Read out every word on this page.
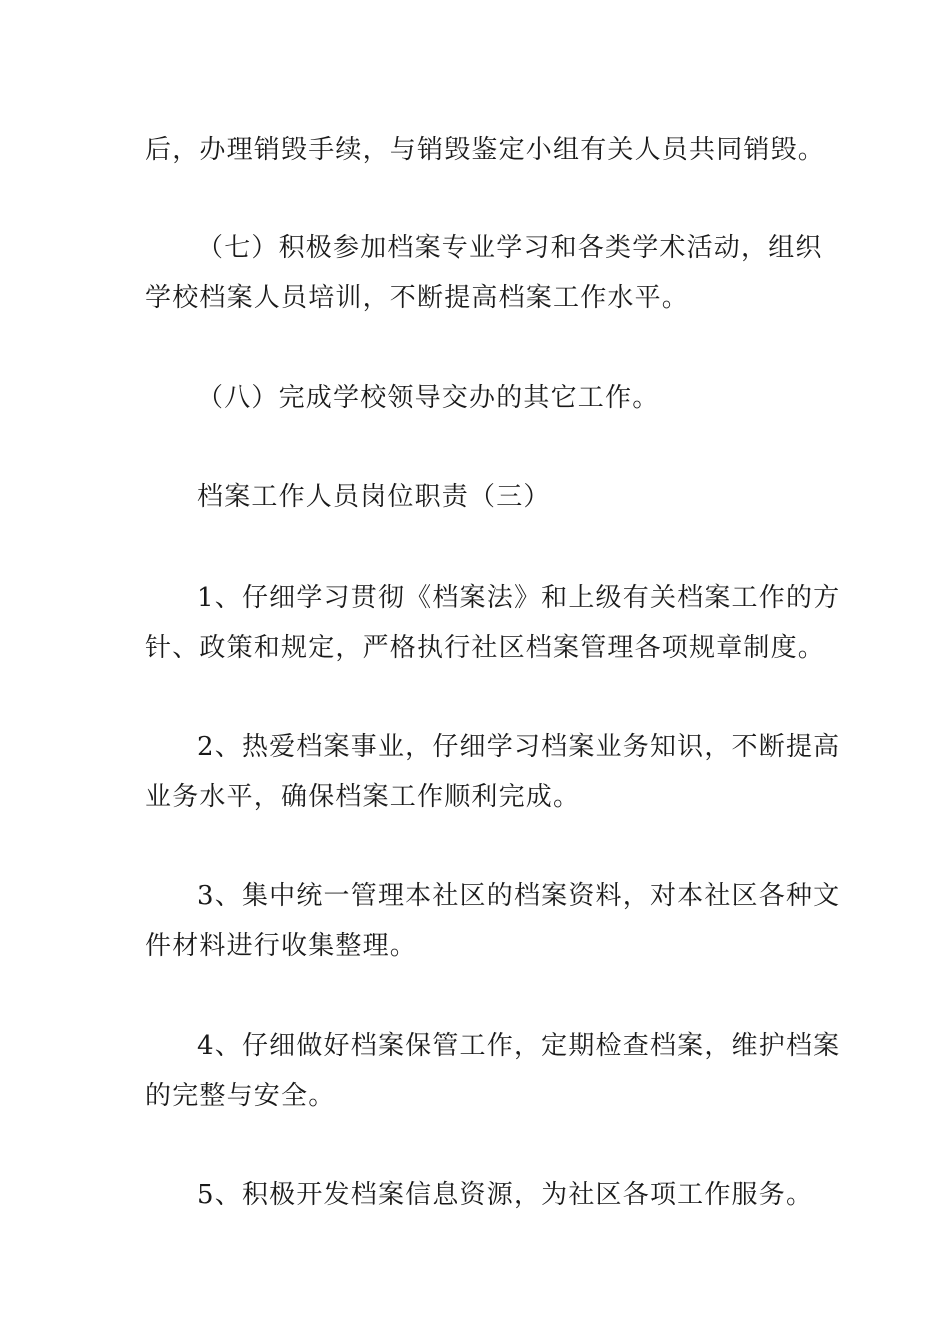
后，办理销毁手续，与销毁鉴定小组有关人员共同销毁。

（七）积极参加档案专业学习和各类学术活动，组织
学校档案人员培训，不断提高档案工作水平。

（八）完成学校领导交办的其它工作。

档案工作人员岗位职责（三）

1、仔细学习贯彻《档案法》和上级有关档案工作的方
针、政策和规定，严格执行社区档案管理各项规章制度。

2、热爱档案事业，仔细学习档案业务知识，不断提高
业务水平，确保档案工作顺利完成。

3、集中统一管理本社区的档案资料，对本社区各种文
件材料进行收集整理。

4、仔细做好档案保管工作，定期检查档案，维护档案
的完整与安全。

5、积极开发档案信息资源，为社区各项工作服务。
